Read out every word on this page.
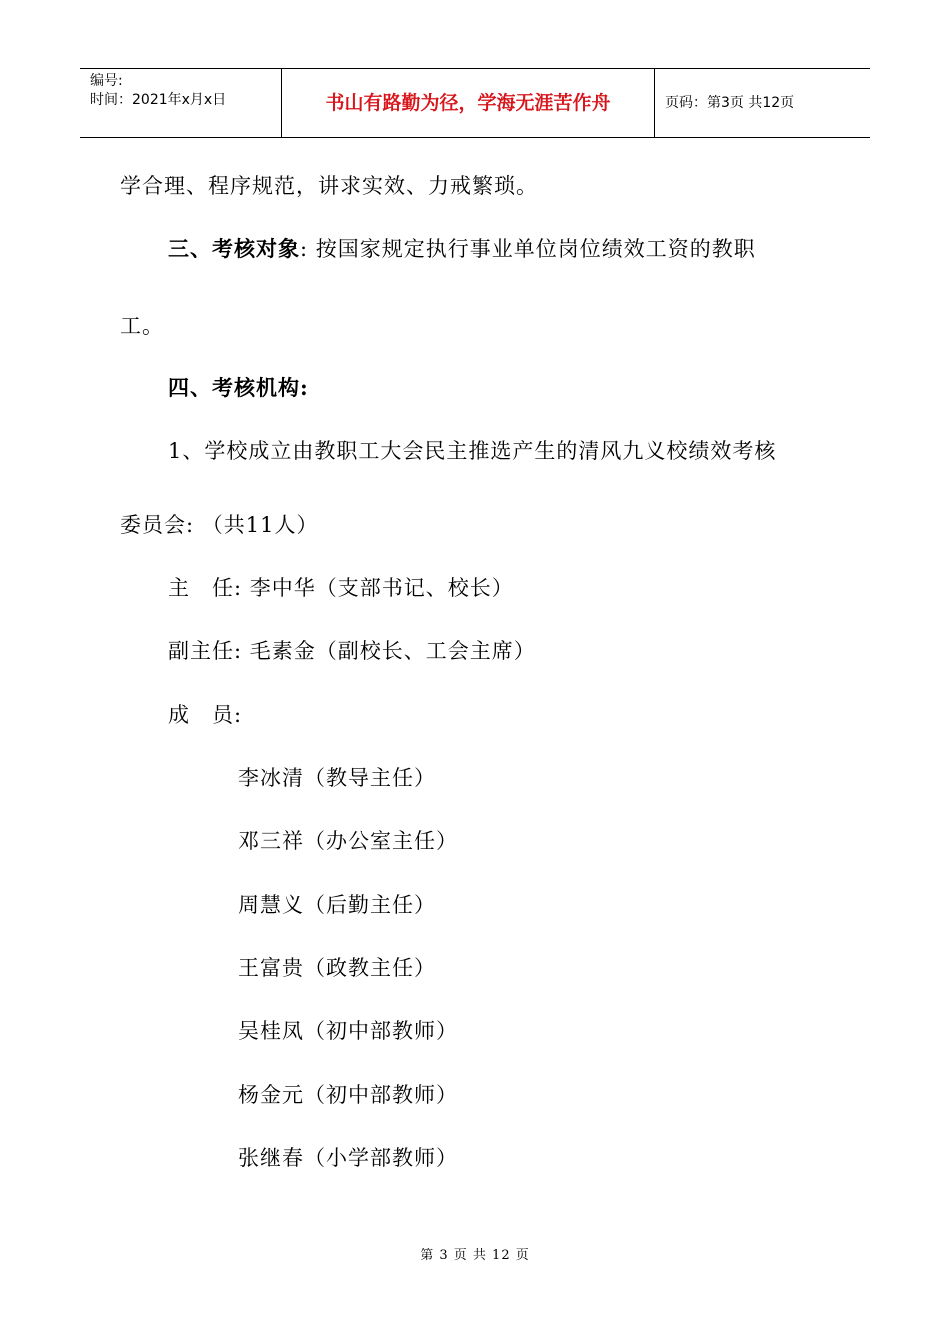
编号:
时间：2021年x月x日	书山有路勤为径，学海无涯苦作舟	页码：第3页 共12页
学合理、程序规范，讲求实效、力戒繁琐。
三、考核对象: 按国家规定执行事业单位岗位绩效工资的教职
工。
四、考核机构:
1、学校成立由教职工大会民主推选产生的清风九义校绩效考核
委员会: （共11人）
主　任: 李中华（支部书记、校长）
副主任: 毛素金（副校长、工会主席）
成　员:
李冰清（教导主任）
邓三祥（办公室主任）
周慧义（后勤主任）
王富贵（政教主任）
吴桂凤（初中部教师）
杨金元（初中部教师）
张继春（小学部教师）
第 3 页 共 12 页
